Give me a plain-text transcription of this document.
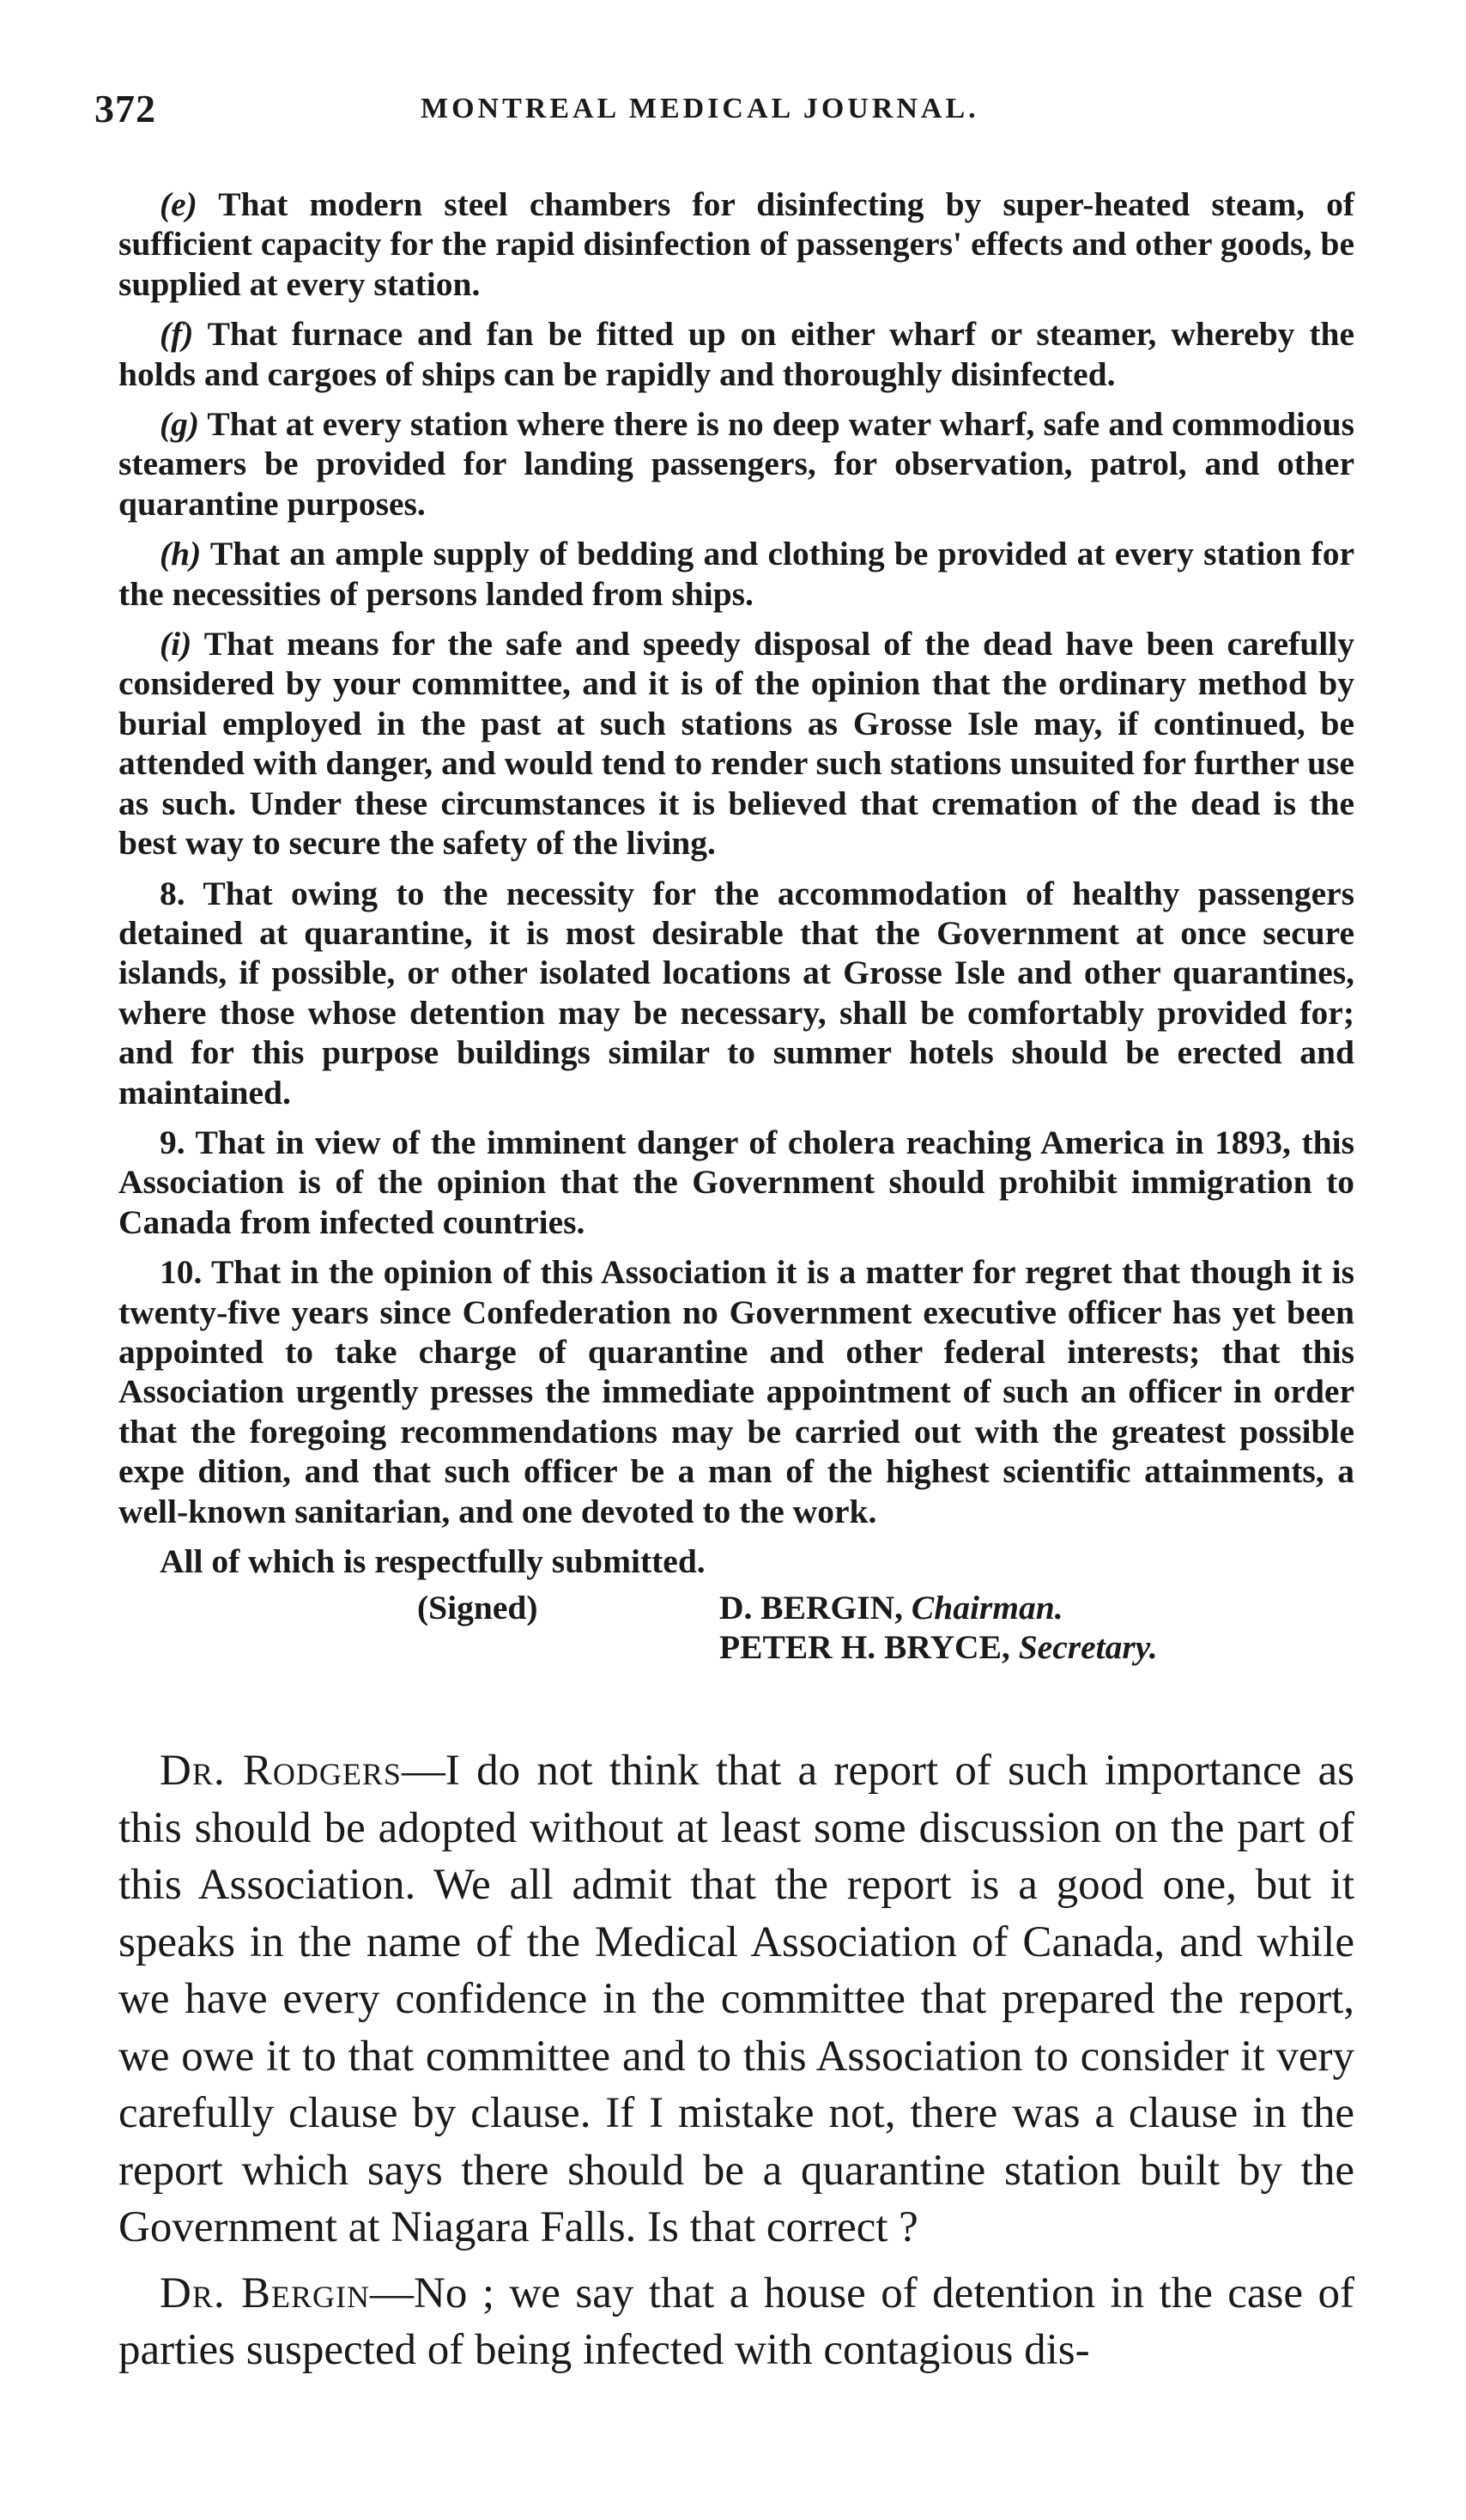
372	MONTREAL MEDICAL JOURNAL.

(e) That modern steel chambers for disinfecting by super-heated steam, of sufficient capacity for the rapid disinfection of passengers' effects and other goods, be supplied at every station.

(f) That furnace and fan be fitted up on either wharf or steamer, whereby the holds and cargoes of ships can be rapidly and thoroughly disinfected.

(g) That at every station where there is no deep water wharf, safe and commodious steamers be provided for landing passengers, for observation, patrol, and other quarantine purposes.

(h) That an ample supply of bedding and clothing be provided at every station for the necessities of persons landed from ships.

(i) That means for the safe and speedy disposal of the dead have been carefully considered by your committee, and it is of the opinion that the ordinary method by burial employed in the past at such stations as Grosse Isle may, if continued, be attended with danger, and would tend to render such stations unsuited for further use as such. Under these circumstances it is believed that cremation of the dead is the best way to secure the safety of the living.

8. That owing to the necessity for the accommodation of healthy passengers detained at quarantine, it is most desirable that the Government at once secure islands, if possible, or other isolated locations at Grosse Isle and other quarantines, where those whose detention may be necessary, shall be comfortably provided for; and for this purpose buildings similar to summer hotels should be erected and maintained.

9. That in view of the imminent danger of cholera reaching America in 1893, this Association is of the opinion that the Government should prohibit immigration to Canada from infected countries.

10. That in the opinion of this Association it is a matter for regret that though it is twenty-five years since Confederation no Government executive officer has yet been appointed to take charge of quarantine and other federal interests; that this Association urgently presses the immediate appointment of such an officer in order that the foregoing recommendations may be carried out with the greatest possible expe dition, and that such officer be a man of the highest scientific attainments, a well-known sanitarian, and one devoted to the work.

All of which is respectfully submitted.

(Signed)	D. BERGIN, Chairman.
PETER H. BRYCE, Secretary.

Dr. Rodgers—I do not think that a report of such importance as this should be adopted without at least some discussion on the part of this Association. We all admit that the report is a good one, but it speaks in the name of the Medical Association of Canada, and while we have every confidence in the committee that prepared the report, we owe it to that committee and to this Association to consider it very carefully clause by clause. If I mistake not, there was a clause in the report which says there should be a quarantine station built by the Government at Niagara Falls. Is that correct ?

Dr. Bergin—No ; we say that a house of detention in the case of parties suspected of being infected with contagious dis-
